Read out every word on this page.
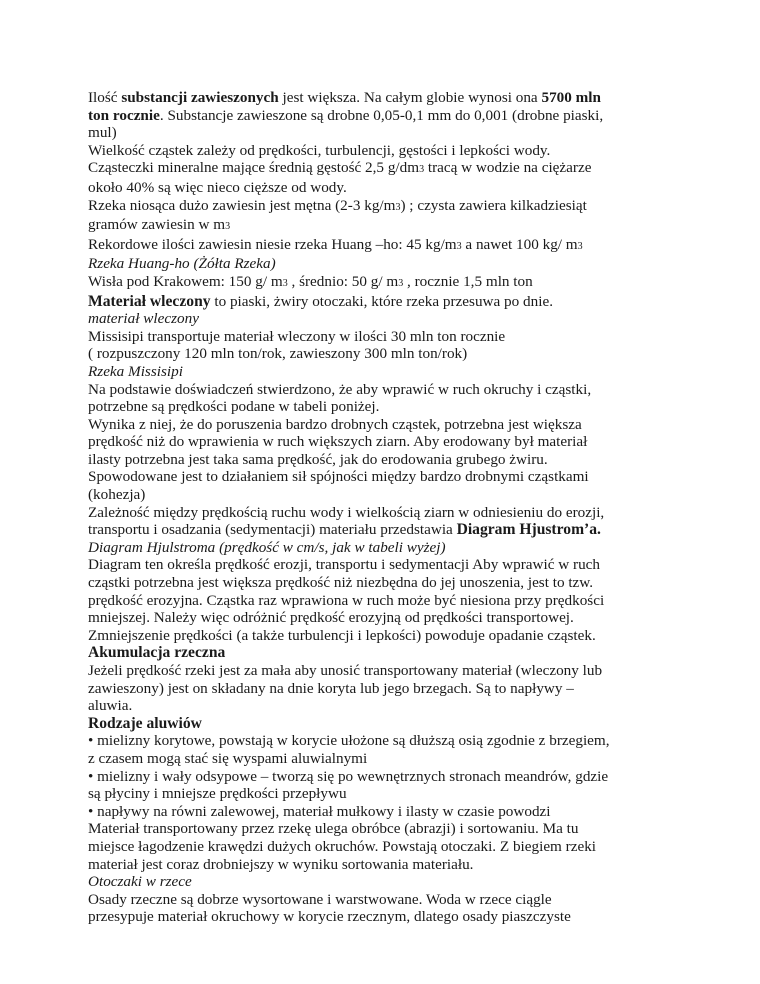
Ilość substancji zawieszonych jest większa. Na całym globie wynosi ona 5700 mln ton rocznie. Substancje zawieszone są drobne 0,05-0,1 mm do 0,001 (drobne piaski, mul)

Wielkość cząstek zależy od prędkości, turbulencji, gęstości i lepkości wody.

Cząsteczki mineralne mające średnią gęstość 2,5 g/dm3 tracą w wodzie na ciężarze około 40% są więc nieco cięższe od wody.

Rzeka niosąca dużo zawiesin jest mętna (2-3 kg/m3) ; czysta zawiera kilkadziesiąt gramów zawiesin w m3

Rekordowe ilości zawiesin niesie rzeka Huang –ho: 45 kg/m3 a nawet 100 kg/ m3

Rzeka Huang-ho (Żółta Rzeka)

Wisła pod Krakowem: 150 g/ m3 , średnio: 50 g/ m3 , rocznie 1,5 mln ton

Materiał wleczony to piaski, żwiry otoczaki, które rzeka przesuwa po dnie.

materiał wleczony

Missisipi transportuje materiał wleczony w ilości 30 mln ton rocznie

( rozpuszczony 120 mln ton/rok, zawieszony 300 mln ton/rok)

Rzeka Missisipi

Na podstawie doświadczeń stwierdzono, że aby wprawić w ruch okruchy i cząstki, potrzebne są prędkości podane w tabeli poniżej.

Wynika z niej, że do poruszenia bardzo drobnych cząstek, potrzebna jest większa prędkość niż do wprawienia w ruch większych ziarn. Aby erodowany był materiał ilasty potrzebna jest taka sama prędkość, jak do erodowania grubego żwiru.

Spowodowane jest to działaniem sił spójności między bardzo drobnymi cząstkami (kohezja)

Zależność między prędkością ruchu wody i wielkością ziarn w odniesieniu do erozji, transportu i osadzania (sedymentacji) materiału przedstawia Diagram Hjustrom’a.

Diagram Hjulstroma (prędkość w cm/s, jak w tabeli wyżej)

Diagram ten określa prędkość erozji, transportu i sedymentacji Aby wprawić w ruch cząstki potrzebna jest większa prędkość niż niezbędna do jej unoszenia, jest to tzw. prędkość erozyjna. Cząstka raz wprawiona w ruch może być niesiona przy prędkości mniejszej. Należy więc odróżnić prędkość erozyjną od prędkości transportowej.

Zmniejszenie prędkości (a także turbulencji i lepkości) powoduje opadanie cząstek.

Akumulacja rzeczna

Jeżeli prędkość rzeki jest za mała aby unosić transportowany materiał (wleczony lub zawieszony) jest on składany na dnie koryta lub jego brzegach. Są to napływy – aluwia.

Rodzaje aluwiów

• mielizny korytowe, powstają w korycie ułożone są dłuższą osią zgodnie z brzegiem, z czasem mogą stać się wyspami aluwialnymi

• mielizny i wały odsypowe – tworzą się po wewnętrznych stronach meandrów, gdzie są płyciny i mniejsze prędkości przepływu

• napływy na równi zalewowej, materiał mułkowy i ilasty w czasie powodzi

Materiał transportowany przez rzekę ulega obróbce (abrazji) i sortowaniu. Ma tu miejsce łagodzenie krawędzi dużych okruchów. Powstają otoczaki. Z biegiem rzeki materiał jest coraz drobniejszy w wyniku sortowania materiału.

Otoczaki w rzece

Osady rzeczne są dobrze wysortowane i warstwowane. Woda w rzece ciągle przesypuje materiał okruchowy w korycie rzecznym, dlatego osady piaszczyste
